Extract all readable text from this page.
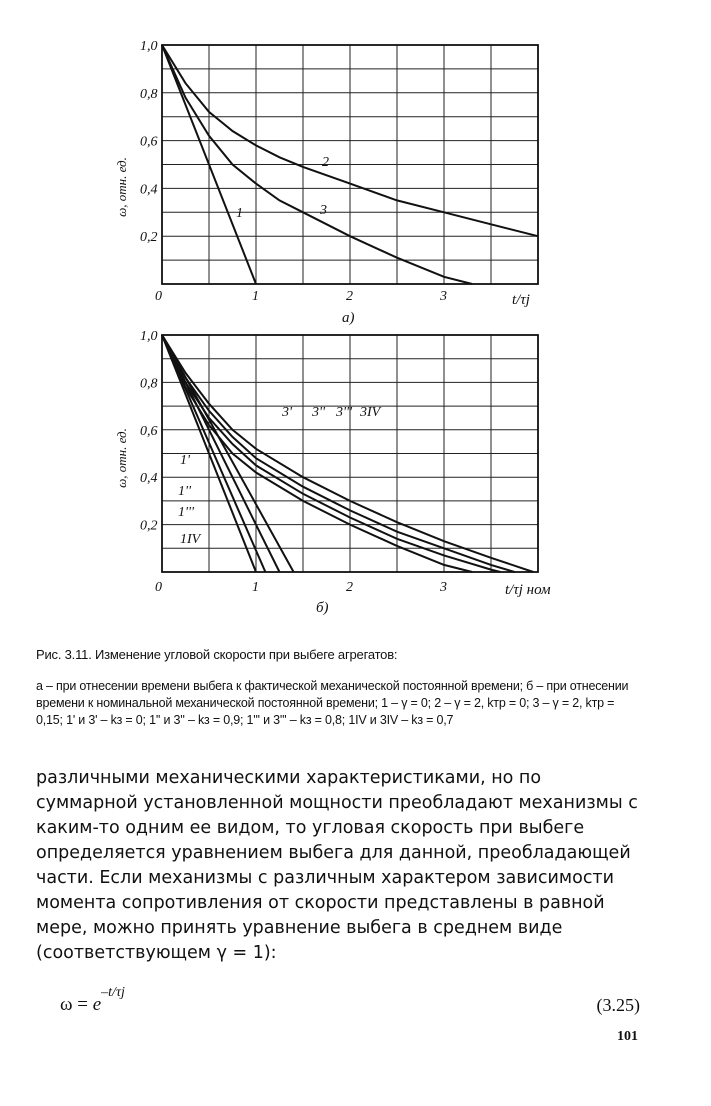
0,2
0,4
0,6
0,8
1,0
0	1	2	3	t/τj
ω, отн. ед.
а)
1
2
3
0,2
0,4
0,6
0,8
1,0
0	1	2	3	t/τj ном
ω, отн. ед.
б)
1'
1''
1'''
1IV
3' 3'' 3''' 3IV
Рис. 3.11. Изменение угловой скорости при выбеге агрегатов:
а – при отнесении времени выбега к фактической механической постоянной времени; б – при отнесении времени к номинальной механической постоянной времени; 1 – γ = 0; 2 – γ = 2, kтр = 0; 3 – γ = 2, kтр = 0,15; 1' и 3' – kз = 0; 1'' и 3'' – kз = 0,9; 1''' и 3''' – kз = 0,8; 1IV и 3IV – kз = 0,7
различными механическими характеристиками, но по суммарной установленной мощности преобладают механизмы с каким-то одним ее видом, то угловая скорость при выбеге определяется уравнением выбега для данной, преобладающей части. Если механизмы с различным характером зависимости момента сопротивления от скорости представлены в равной мере, можно принять уравнение выбега в среднем виде (соответствующем γ = 1):
$\omega = e^{-t/\tau j}$
(3.25)
101
